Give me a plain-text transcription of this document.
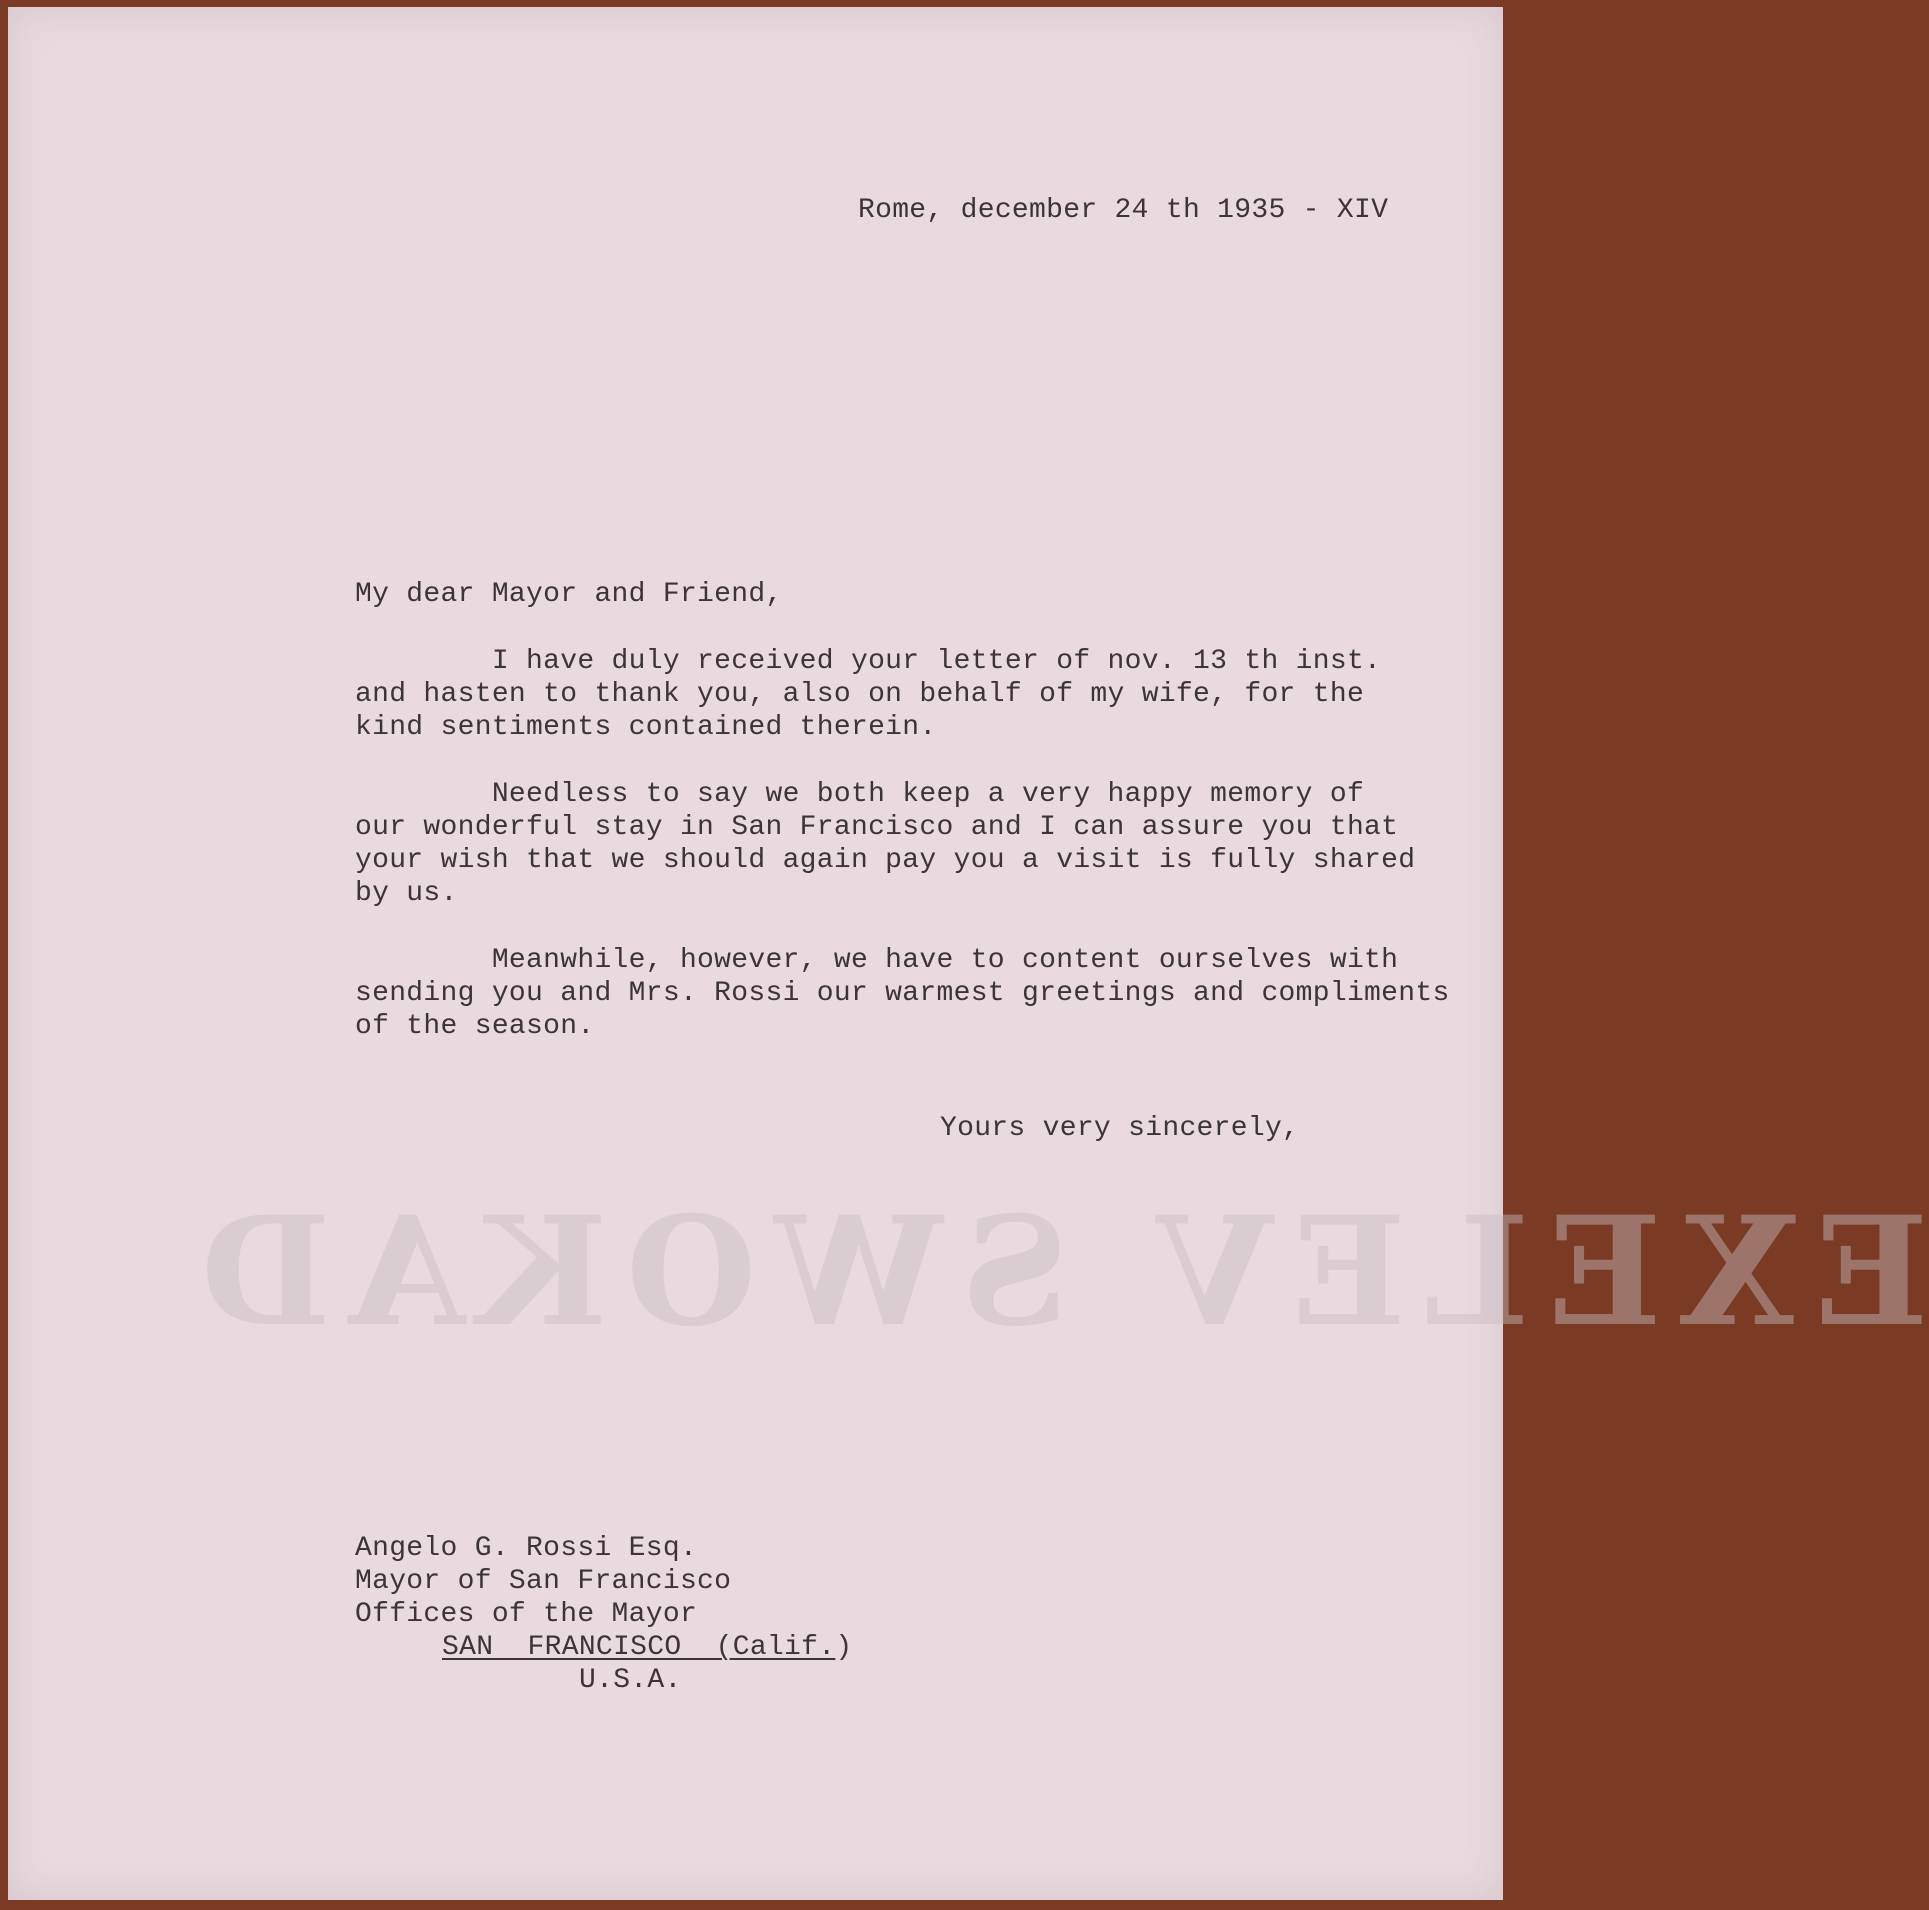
EXELEV SWOKAD
Rome, december 24 th 1935 - XIV
My dear Mayor and Friend,
I have duly received your letter of nov. 13 th inst.
and hasten to thank you, also on behalf of my wife, for the
kind sentiments contained therein.
Needless to say we both keep a very happy memory of
our wonderful stay in San Francisco and I can assure you that
your wish that we should again pay you a visit is fully shared
by us.
Meanwhile, however, we have to content ourselves with
sending you and Mrs. Rossi our warmest greetings and compliments
of the season.
Yours very sincerely,
Angelo G. Rossi Esq.
Mayor of San Francisco
Offices of the Mayor
SAN  FRANCISCO  (Calif.)
U.S.A.
